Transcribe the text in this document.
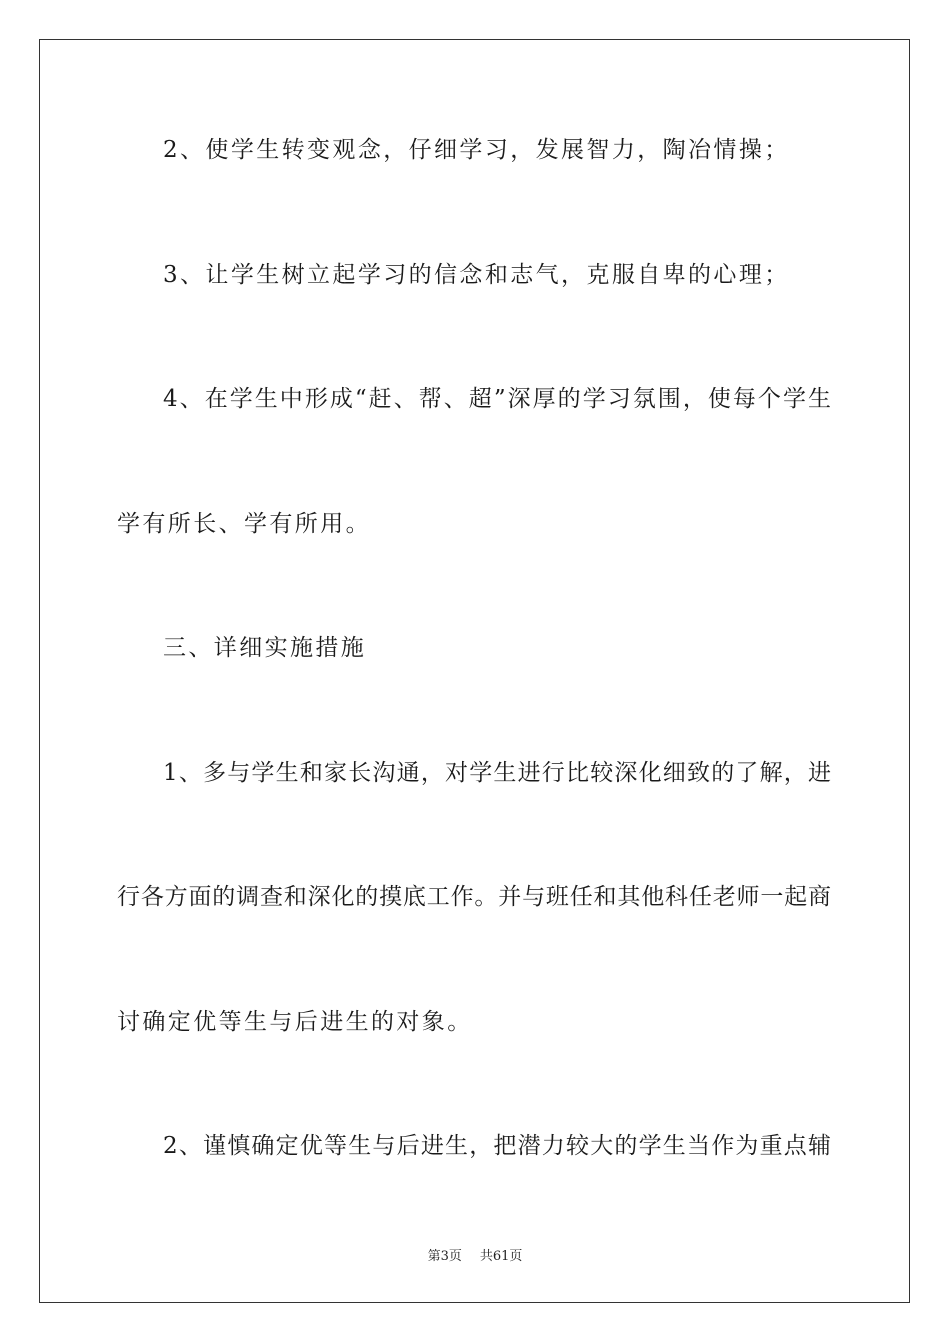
2、使学生转变观念，仔细学习，发展智力，陶冶情操；
3、让学生树立起学习的信念和志气，克服自卑的心理；
4、在学生中形成“赶、帮、超”深厚的学习氛围，使每个学生
学有所长、学有所用。
三、详细实施措施
1、多与学生和家长沟通，对学生进行比较深化细致的了解，进
行各方面的调查和深化的摸底工作。并与班任和其他科任老师一起商
讨确定优等生与后进生的对象。
2、谨慎确定优等生与后进生，把潜力较大的学生当作为重点辅
第3页 共61页
